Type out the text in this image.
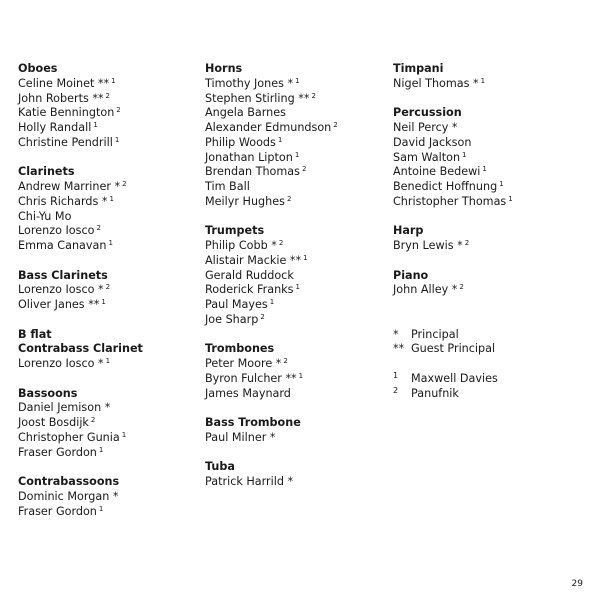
Oboes
Celine Moinet ** $^1$
John Roberts ** $^2$
Katie Bennington $^2$
Holly Randall $^1$
Christine Pendrill $^1$
Clarinets
Andrew Marriner * $^2$
Chris Richards * $^1$
Chi-Yu Mo
Lorenzo Iosco $^2$
Emma Canavan $^1$
Bass Clarinets
Lorenzo Iosco * $^2$
Oliver Janes ** $^1$
B flat
Contrabass Clarinet
Lorenzo Iosco * $^1$
Bassoons
Daniel Jemison *
Joost Bosdijk $^2$
Christopher Gunia $^1$
Fraser Gordon $^1$
Contrabassoons
Dominic Morgan *
Fraser Gordon $^1$
Horns
Timothy Jones * $^1$
Stephen Stirling ** $^2$
Angela Barnes
Alexander Edmundson $^2$
Philip Woods $^1$
Jonathan Lipton $^1$
Brendan Thomas $^2$
Tim Ball
Meilyr Hughes $^2$
Trumpets
Philip Cobb * $^2$
Alistair Mackie ** $^1$
Gerald Ruddock
Roderick Franks $^1$
Paul Mayes $^1$
Joe Sharp $^2$
Trombones
Peter Moore * $^2$
Byron Fulcher ** $^1$
James Maynard
Bass Trombone
Paul Milner *
Tuba
Patrick Harrild *
Timpani
Nigel Thomas * $^1$
Percussion
Neil Percy *
David Jackson
Sam Walton $^1$
Antoine Bedewi $^1$
Benedict Hoffnung $^1$
Christopher Thomas $^1$
Harp
Bryn Lewis * $^2$
Piano
John Alley * $^2$
*	Principal
** Guest Principal
1	Maxwell Davies
2	Panufnik
29
